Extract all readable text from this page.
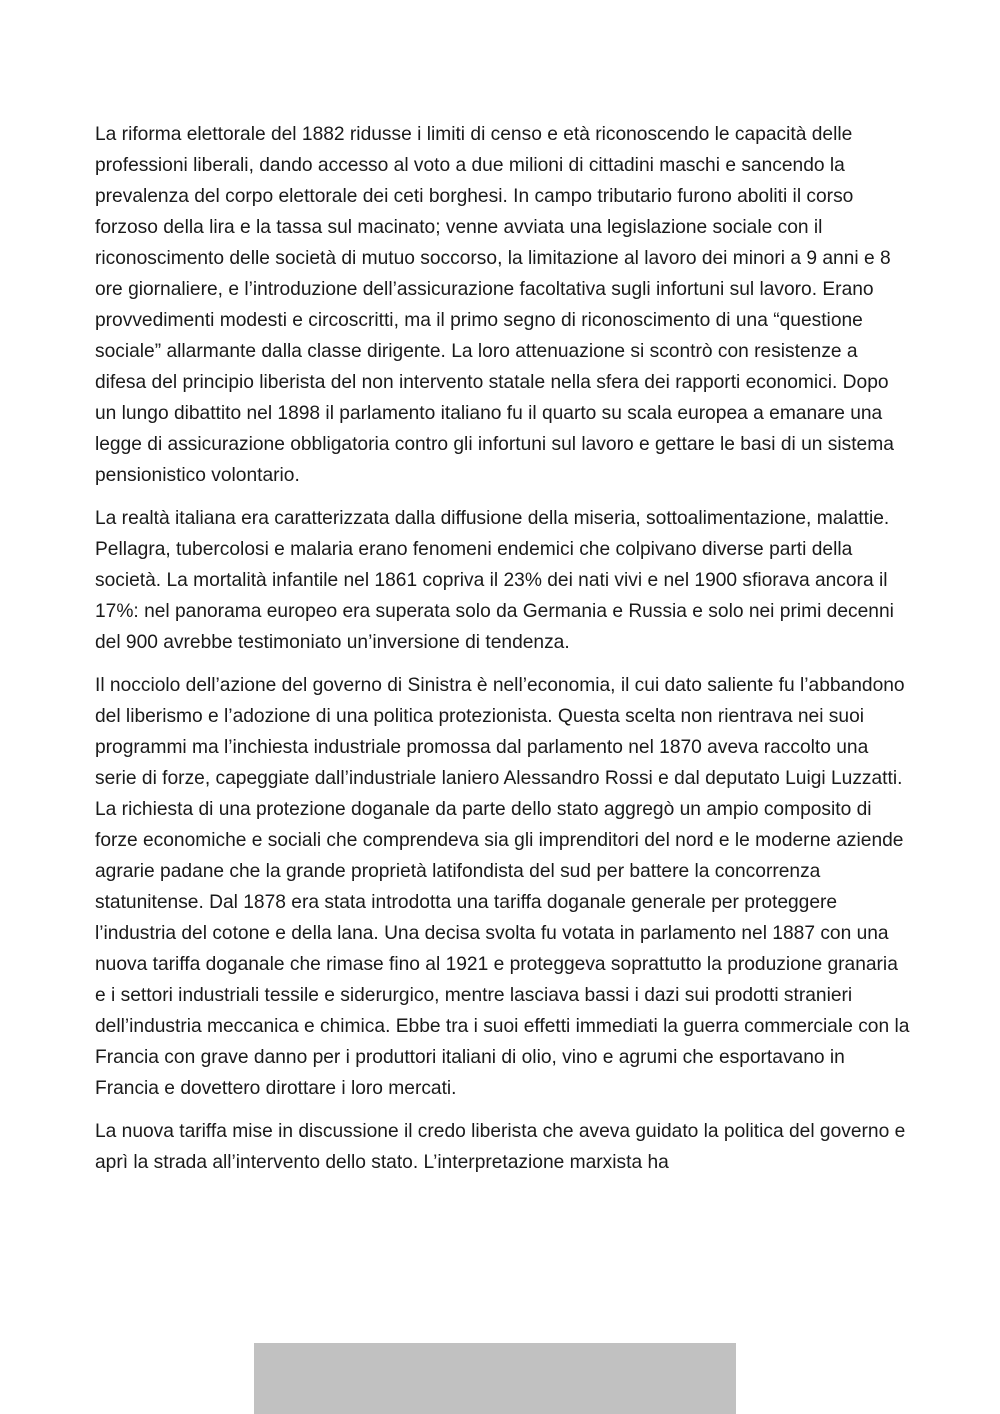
La riforma elettorale del 1882 ridusse i limiti di censo e età riconoscendo le capacità delle professioni liberali, dando accesso al voto a due milioni di cittadini maschi e sancendo la prevalenza del corpo elettorale dei ceti borghesi. In campo tributario furono aboliti il corso forzoso della lira e la tassa sul macinato; venne avviata una legislazione sociale con il riconoscimento delle società di mutuo soccorso, la limitazione al lavoro dei minori a 9 anni e 8 ore giornaliere, e l’introduzione dell’assicurazione facoltativa sugli infortuni sul lavoro. Erano provvedimenti modesti e circoscritti, ma il primo segno di riconoscimento di una “questione sociale” allarmante dalla classe dirigente. La loro attenuazione si scontrò con resistenze a difesa del principio liberista del non intervento statale nella sfera dei rapporti economici. Dopo un lungo dibattito nel 1898 il parlamento italiano fu il quarto su scala europea a emanare una legge di assicurazione obbligatoria contro gli infortuni sul lavoro e gettare le basi di un sistema pensionistico volontario.

La realtà italiana era caratterizzata dalla diffusione della miseria, sottoalimentazione, malattie. Pellagra, tubercolosi e malaria erano fenomeni endemici che colpivano diverse parti della società. La mortalità infantile nel 1861 copriva il 23% dei nati vivi e nel 1900 sfiorava ancora il 17%: nel panorama europeo era superata solo da Germania e Russia e solo nei primi decenni del 900 avrebbe testimoniato un’inversione di tendenza.

Il nocciolo dell’azione del governo di Sinistra è nell’economia, il cui dato saliente fu l’abbandono del liberismo e l’adozione di una politica protezionista. Questa scelta non rientrava nei suoi programmi ma l’inchiesta industriale promossa dal parlamento nel 1870 aveva raccolto una serie di forze, capeggiate dall’industriale laniero Alessandro Rossi e dal deputato Luigi Luzzatti. La richiesta di una protezione doganale da parte dello stato aggregò un ampio composito di forze economiche e sociali che comprendeva sia gli imprenditori del nord e le moderne aziende agrarie padane che la grande proprietà latifondista del sud per battere la concorrenza statunitense. Dal 1878 era stata introdotta una tariffa doganale generale per proteggere l’industria del cotone e della lana. Una decisa svolta fu votata in parlamento nel 1887 con una nuova tariffa doganale che rimase fino al 1921 e proteggeva soprattutto la produzione granaria e i settori industriali tessile e siderurgico, mentre lasciava bassi i dazi sui prodotti stranieri dell’industria meccanica e chimica. Ebbe tra i suoi effetti immediati la guerra commerciale con la Francia con grave danno per i produttori italiani di olio, vino e agrumi che esportavano in Francia e dovettero dirottare i loro mercati.

La nuova tariffa mise in discussione il credo liberista che aveva guidato la politica del governo e aprì la strada all’intervento dello stato. L’interpretazione marxista ha
